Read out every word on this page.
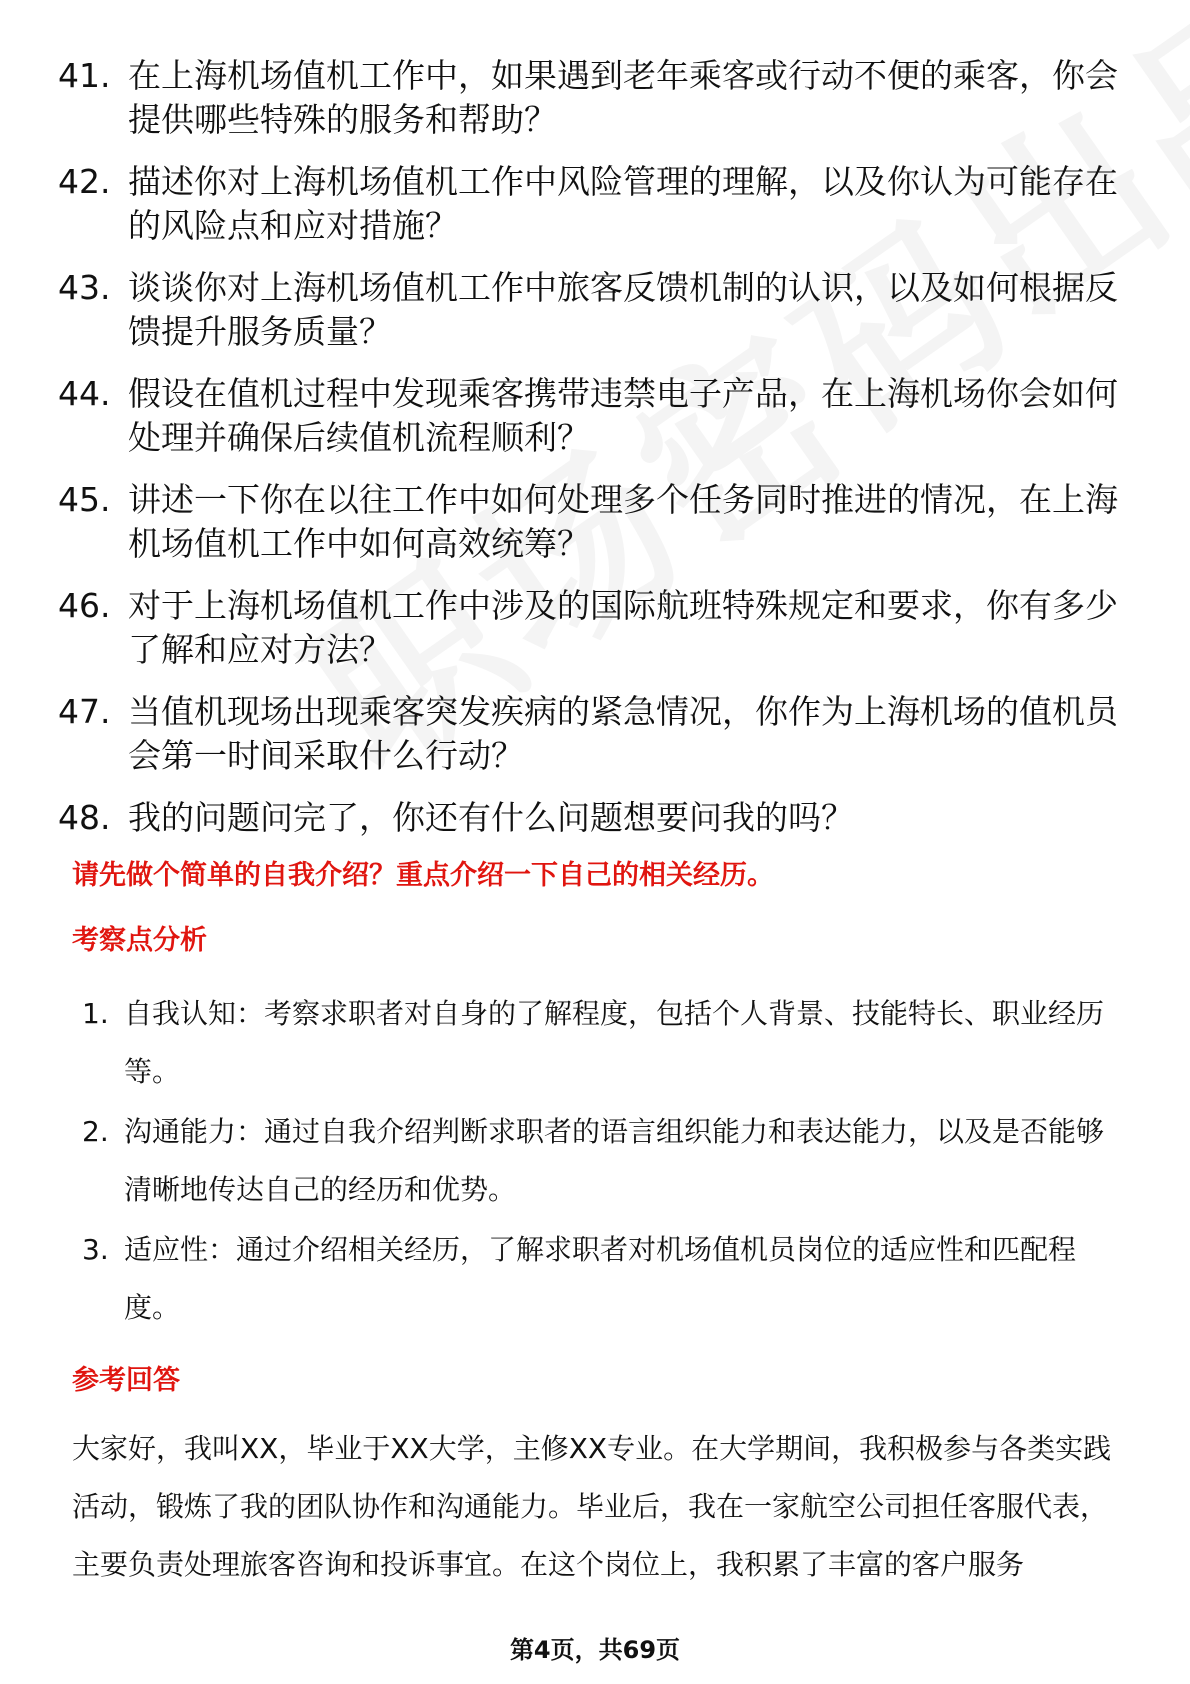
41. 在上海机场值机工作中，如果遇到老年乘客或行动不便的乘客，你会提供哪些特殊的服务和帮助？
42. 描述你对上海机场值机工作中风险管理的理解，以及你认为可能存在的风险点和应对措施？
43. 谈谈你对上海机场值机工作中旅客反馈机制的认识，以及如何根据反馈提升服务质量？
44. 假设在值机过程中发现乘客携带违禁电子产品，在上海机场你会如何处理并确保后续值机流程顺利？
45. 讲述一下你在以往工作中如何处理多个任务同时推进的情况，在上海机场值机工作中如何高效统筹？
46. 对于上海机场值机工作中涉及的国际航班特殊规定和要求，你有多少了解和应对方法？
47. 当值机现场出现乘客突发疾病的紧急情况，你作为上海机场的值机员会第一时间采取什么行动？
48. 我的问题问完了，你还有什么问题想要问我的吗？
请先做个简单的自我介绍？重点介绍一下自己的相关经历。
考察点分析
1. 自我认知：考察求职者对自身的了解程度，包括个人背景、技能特长、职业经历等。
2. 沟通能力：通过自我介绍判断求职者的语言组织能力和表达能力，以及是否能够清晰地传达自己的经历和优势。
3. 适应性：通过介绍相关经历，了解求职者对机场值机员岗位的适应性和匹配程度。
参考回答
大家好，我叫XX，毕业于XX大学，主修XX专业。在大学期间，我积极参与各类实践活动，锻炼了我的团队协作和沟通能力。毕业后，我在一家航空公司担任客服代表，主要负责处理旅客咨询和投诉事宜。在这个岗位上，我积累了丰富的客户服务
第4页，共69页
